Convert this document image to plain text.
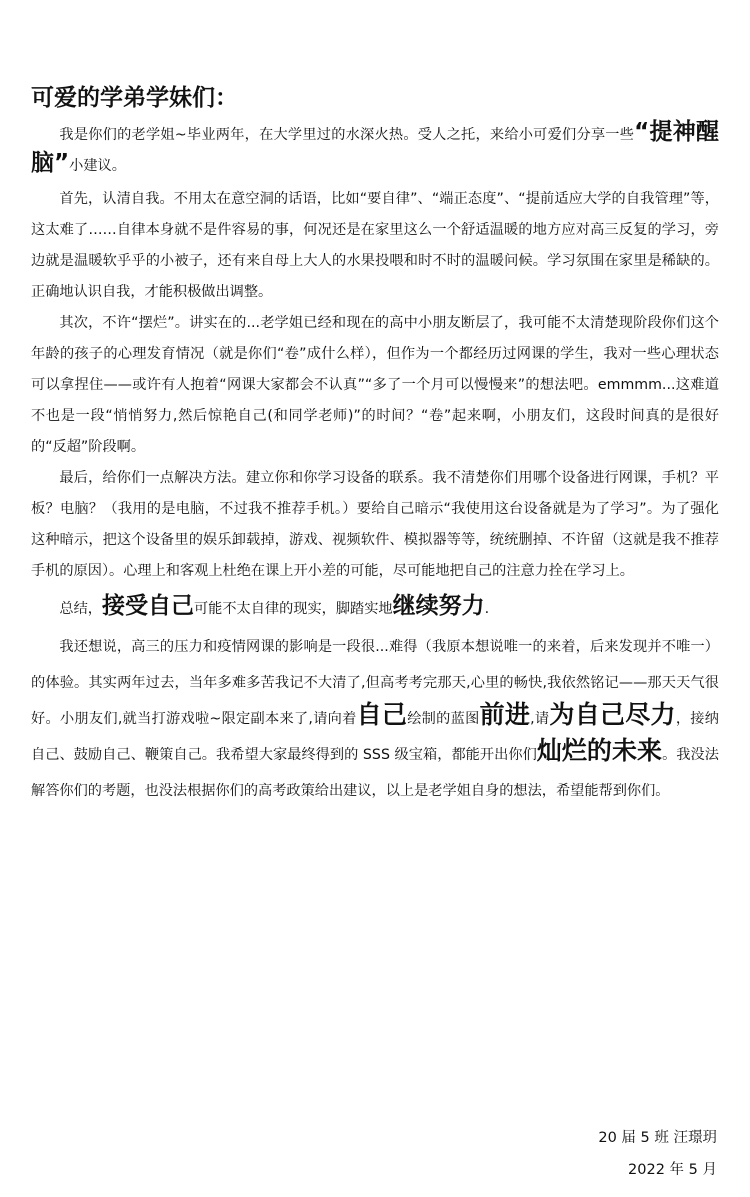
可爱的学弟学妹们：

我是你们的老学姐~毕业两年，在大学里过的水深火热。受人之托，来给小可爱们分享一些“提神醒脑”小建议。

首先，认清自我。不用太在意空洞的话语，比如“要自律”、“端正态度”、“提前适应大学的自我管理”等，这太难了……自律本身就不是件容易的事，何况还是在家里这么一个舒适温暖的地方应对高三反复的学习，旁边就是温暖软乎乎的小被子，还有来自母上大人的水果投喂和时不时的温暖问候。学习氛围在家里是稀缺的。正确地认识自我，才能积极做出调整。

其次，不许“摆烂”。讲实在的...老学姐已经和现在的高中小朋友断层了，我可能不太清楚现阶段你们这个年龄的孩子的心理发育情况（就是你们“卷”成什么样），但作为一个都经历过网课的学生，我对一些心理状态可以拿捏住——或许有人抱着“网课大家都会不认真”“多了一个月可以慢慢来”的想法吧。emmmm...这难道不也是一段“悄悄努力,然后惊艳自己(和同学老师)”的时间？“卷”起来啊，小朋友们，这段时间真的是很好的“反超”阶段啊。

最后，给你们一点解决方法。建立你和你学习设备的联系。我不清楚你们用哪个设备进行网课，手机？平板？电脑？（我用的是电脑，不过我不推荐手机。）要给自己暗示“我使用这台设备就是为了学习”。为了强化这种暗示，把这个设备里的娱乐卸载掉，游戏、视频软件、模拟器等等，统统删掉、不许留（这就是我不推荐手机的原因）。心理上和客观上杜绝在课上开小差的可能，尽可能地把自己的注意力拴在学习上。

总结，接受自己可能不太自律的现实，脚踏实地继续努力.

我还想说，高三的压力和疫情网课的影响是一段很...难得（我原本想说唯一的来着，后来发现并不唯一）的体验。其实两年过去，当年多难多苦我记不大清了,但高考考完那天,心里的畅快,我依然铭记——那天天气很好。小朋友们,就当打游戏啦~限定副本来了,请向着自己绘制的蓝图前进,请为自己尽力，接纳自己、鼓励自己、鞭策自己。我希望大家最终得到的 SSS 级宝箱，都能开出你们灿烂的未来。我没法解答你们的考题，也没法根据你们的高考政策给出建议，以上是老学姐自身的想法，希望能帮到你们。

20 届 5 班 汪璟玥
2022 年 5 月
